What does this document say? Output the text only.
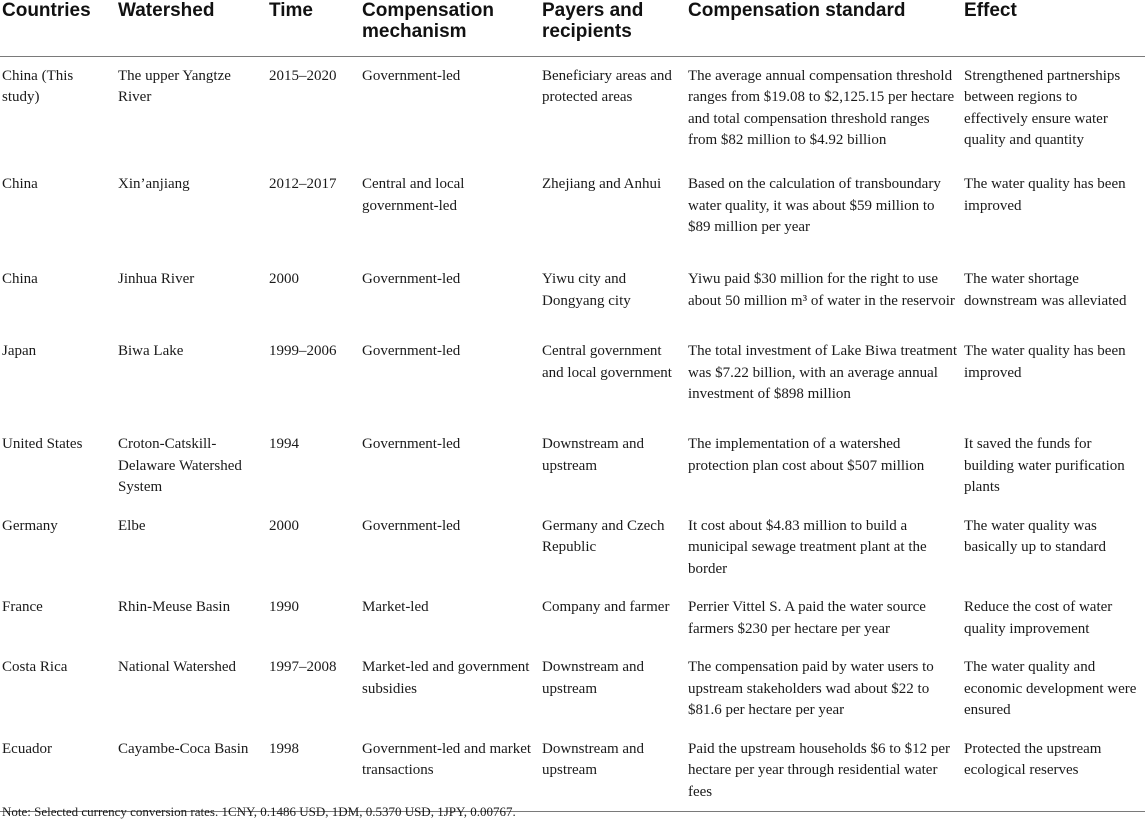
Countries	Watershed	Time	Compensation mechanism	Payers and recipients	Compensation standard	Effect
China (This study)	The upper Yangtze River	2015–2020	Government-led	Beneficiary areas and protected areas	The average annual compensation threshold ranges from $19.08 to $2,125.15 per hectare and total compensation threshold ranges from $82 million to $4.92 billion	Strengthened partnerships between regions to effectively ensure water quality and quantity
China	Xin’anjiang	2012–2017	Central and local government-led	Zhejiang and Anhui	Based on the calculation of transboundary water quality, it was about $59 million to $89 million per year	The water quality has been improved
China	Jinhua River	2000	Government-led	Yiwu city and Dongyang city	Yiwu paid $30 million for the right to use about 50 million m³ of water in the reservoir	The water shortage downstream was alleviated
Japan	Biwa Lake	1999–2006	Government-led	Central government and local government	The total investment of Lake Biwa treatment was $7.22 billion, with an average annual investment of $898 million	The water quality has been improved
United States	Croton-Catskill-Delaware Watershed System	1994	Government-led	Downstream and upstream	The implementation of a watershed protection plan cost about $507 million	It saved the funds for building water purification plants
Germany	Elbe	2000	Government-led	Germany and Czech Republic	It cost about $4.83 million to build a municipal sewage treatment plant at the border	The water quality was basically up to standard
France	Rhin-Meuse Basin	1990	Market-led	Company and farmer	Perrier Vittel S. A paid the water source farmers $230 per hectare per year	Reduce the cost of water quality improvement
Costa Rica	National Watershed	1997–2008	Market-led and government subsidies	Downstream and upstream	The compensation paid by water users to upstream stakeholders wad about $22 to $81.6 per hectare per year	The water quality and economic development were ensured
Ecuador	Cayambe-Coca Basin	1998	Government-led and market transactions	Downstream and upstream	Paid the upstream households $6 to $12 per hectare per year through residential water fees	Protected the upstream ecological reserves
Note: Selected currency conversion rates. 1CNY, 0.1486 USD, 1DM, 0.5370 USD, 1JPY, 0.00767.
